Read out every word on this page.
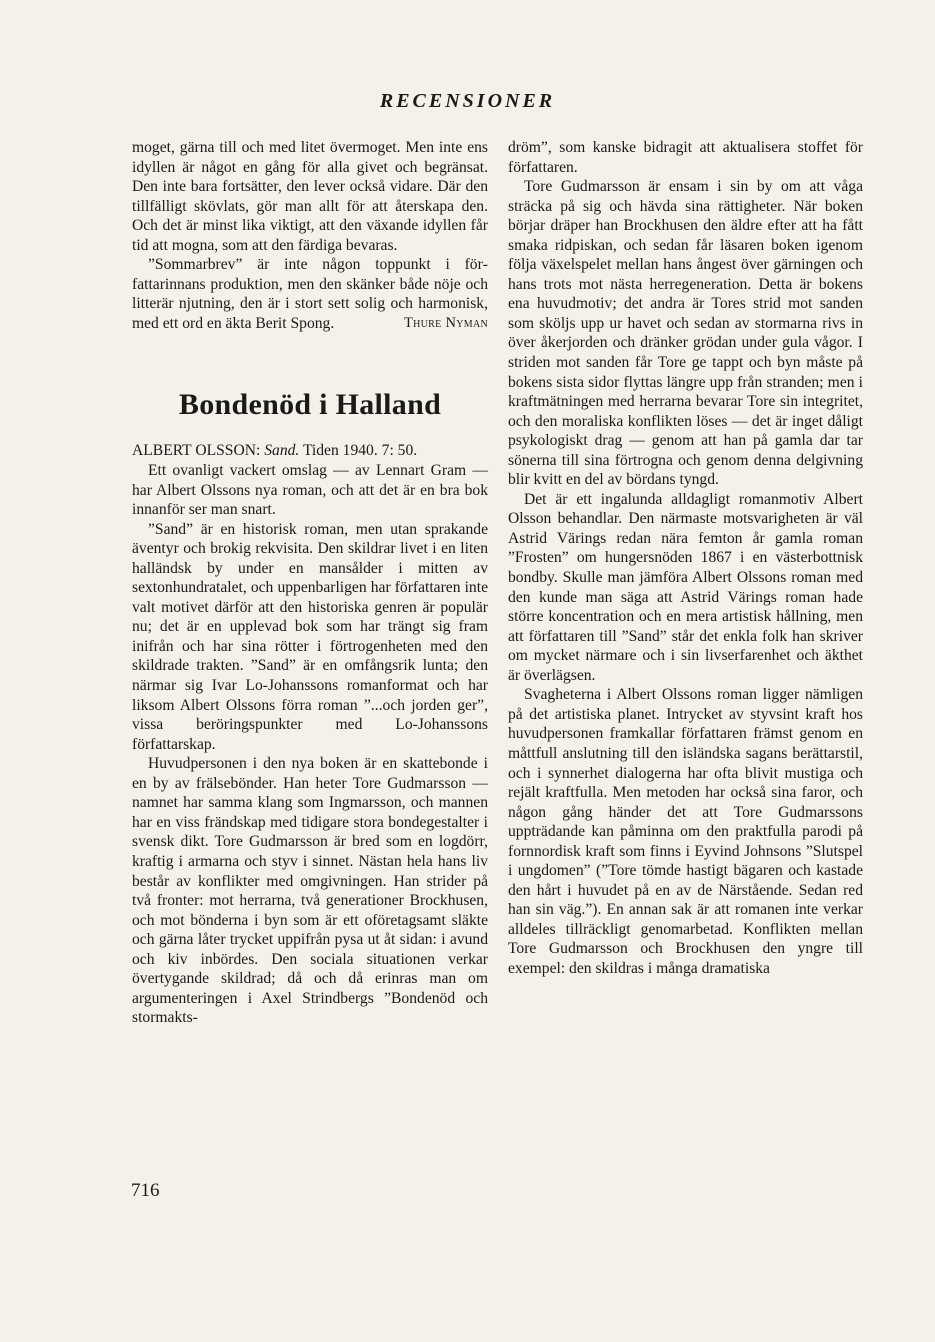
RECENSIONER

moget, gärna till och med litet övermoget. Men inte ens idyllen är något en gång för alla givet och begränsat. Den inte bara fortsätter, den lever också vidare. Där den tillfälligt skövlats, gör man allt för att återskapa den. Och det är minst lika viktigt, att den växande idyllen får tid att mogna, som att den färdiga bevaras.

”Sommarbrev” är inte någon toppunkt i författarinnans produktion, men den skänker både nöje och litterär njutning, den är i stort sett solig och harmonisk, med ett ord en äkta Berit Spong.	Thure Nyman

Bondenöd i Halland

ALBERT OLSSON: Sand. Tiden 1940. 7: 50.

Ett ovanligt vackert omslag — av Lennart Gram — har Albert Olssons nya roman, och att det är en bra bok innanför ser man snart.

”Sand” är en historisk roman, men utan sprakande äventyr och brokig rekvisita. Den skildrar livet i en liten halländsk by under en mansålder i mitten av sextonhundratalet, och uppenbarligen har författaren inte valt motivet därför att den historiska genren är populär nu; det är en upplevad bok som har trängt sig fram inifrån och har sina rötter i förtrogenheten med den skildrade trakten. ”Sand” är en omfångsrik lunta; den närmar sig Ivar Lo-Johanssons romanformat och har liksom Albert Olssons förra roman ”...och jorden ger”, vissa beröringspunkter med Lo-Johanssons författarskap.

Huvudpersonen i den nya boken är en skattebonde i en by av frälsebönder. Han heter Tore Gudmarsson — namnet har samma klang som Ingmarsson, och mannen har en viss frändskap med tidigare stora bondegestalter i svensk dikt. Tore Gudmarsson är bred som en logdörr, kraftig i armarna och styv i sinnet. Nästan hela hans liv består av konflikter med omgivningen. Han strider på två fronter: mot herrarna, två generationer Brockhusen, och mot bönderna i byn som är ett oföretagsamt släkte och gärna låter trycket uppifrån pysa ut åt sidan: i avund och kiv inbördes. Den sociala situationen verkar övertygande skildrad; då och då erinras man om argumenteringen i Axel Strindbergs ”Bondenöd och stormakts-

dröm”, som kanske bidragit att aktualisera stoffet för författaren.

Tore Gudmarsson är ensam i sin by om att våga sträcka på sig och hävda sina rättigheter. När boken börjar dräper han Brockhusen den äldre efter att ha fått smaka ridpiskan, och sedan får läsaren boken igenom följa växelspelet mellan hans ångest över gärningen och hans trots mot nästa herregeneration. Detta är bokens ena huvudmotiv; det andra är Tores strid mot sanden som sköljs upp ur havet och sedan av stormarna rivs in över åkerjorden och dränker grödan under gula vågor. I striden mot sanden får Tore ge tappt och byn måste på bokens sista sidor flyttas längre upp från stranden; men i kraftmätningen med herrarna bevarar Tore sin integritet, och den moraliska konflikten löses — det är inget dåligt psykologiskt drag — genom att han på gamla dar tar sönerna till sina förtrogna och genom denna delgivning blir kvitt en del av bördans tyngd.

Det är ett ingalunda alldagligt romanmotiv Albert Olsson behandlar. Den närmaste motsvarigheten är väl Astrid Värings redan nära femton år gamla roman ”Frosten” om hungersnöden 1867 i en västerbottnisk bondby. Skulle man jämföra Albert Olssons roman med den kunde man säga att Astrid Värings roman hade större koncentration och en mera artistisk hållning, men att författaren till ”Sand” står det enkla folk han skriver om mycket närmare och i sin livserfarenhet och äkthet är överlägsen.

Svagheterna i Albert Olssons roman ligger nämligen på det artistiska planet. Intrycket av styvsint kraft hos huvudpersonen framkallar författaren främst genom en måttfull anslutning till den isländska sagans berättarstil, och i synnerhet dialogerna har ofta blivit mustiga och rejält kraftfulla. Men metoden har också sina faror, och någon gång händer det att Tore Gudmarssons uppträdande kan påminna om den praktfulla parodi på fornnordisk kraft som finns i Eyvind Johnsons ”Slutspel i ungdomen” (”Tore tömde hastigt bägaren och kastade den hårt i huvudet på en av de Närstående. Sedan red han sin väg.”). En annan sak är att romanen inte verkar alldeles tillräckligt genomarbetad. Konflikten mellan Tore Gudmarsson och Brockhusen den yngre till exempel: den skildras i många dramatiska

716
